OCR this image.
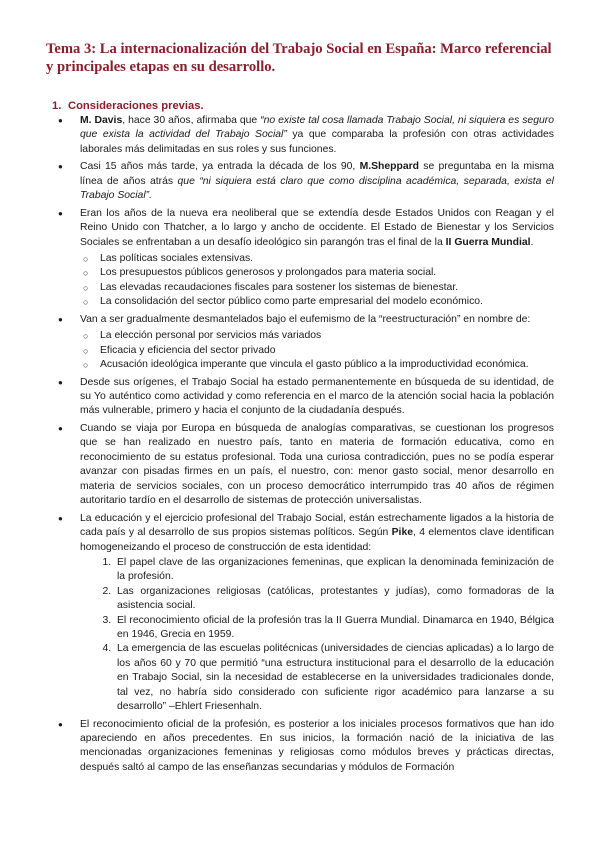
Tema 3: La internacionalización del Trabajo Social en España: Marco referencial y principales etapas en su desarrollo.
1. Consideraciones previas.
● M. Davis, hace 30 años, afirmaba que “no existe tal cosa llamada Trabajo Social, ni siquiera es seguro que exista la actividad del Trabajo Social” ya que comparaba la profesión con otras actividades laborales más delimitadas en sus roles y sus funciones.
● Casi 15 años más tarde, ya entrada la década de los 90, M.Sheppard se preguntaba en la misma línea de años atrás que “ni siquiera está claro que como disciplina académica, separada, exista el Trabajo Social”.
● Eran los años de la nueva era neoliberal que se extendía desde Estados Unidos con Reagan y el Reino Unido con Thatcher, a lo largo y ancho de occidente. El Estado de Bienestar y los Servicios Sociales se enfrentaban a un desafío ideológico sin parangón tras el final de la II Guerra Mundial.
○ Las políticas sociales extensivas.
○ Los presupuestos públicos generosos y prolongados para materia social.
○ Las elevadas recaudaciones fiscales para sostener los sistemas de bienestar.
○ La consolidación del sector público como parte empresarial del modelo económico.
● Van a ser gradualmente desmantelados bajo el eufemismo de la “reestructuración” en nombre de:
○ La elección personal por servicios más variados
○ Eficacia y eficiencia del sector privado
○ Acusación ideológica imperante que vincula el gasto público a la improductividad económica.
● Desde sus orígenes, el Trabajo Social ha estado permanentemente en búsqueda de su identidad, de su Yo auténtico como actividad y como referencia en el marco de la atención social hacia la población más vulnerable, primero y hacia el conjunto de la ciudadanía después.
● Cuando se viaja por Europa en búsqueda de analogías comparativas, se cuestionan los progresos que se han realizado en nuestro país, tanto en materia de formación educativa, como en reconocimiento de su estatus profesional. Toda una curiosa contradicción, pues no se podía esperar avanzar con pisadas firmes en un país, el nuestro, con: menor gasto social, menor desarrollo en materia de servicios sociales, con un proceso democrático interrumpido tras 40 años de régimen autoritario tardío en el desarrollo de sistemas de protección universalistas.
● La educación y el ejercicio profesional del Trabajo Social, están estrechamente ligados a la historia de cada país y al desarrollo de sus propios sistemas políticos. Según Pike, 4 elementos clave identifican homogeneizando el proceso de construcción de esta identidad:
1. El papel clave de las organizaciones femeninas, que explican la denominada feminización de la profesión.
2. Las organizaciones religiosas (católicas, protestantes y judías), como formadoras de la asistencia social.
3. El reconocimiento oficial de la profesión tras la II Guerra Mundial. Dinamarca en 1940, Bélgica en 1946, Grecia en 1959.
4. La emergencia de las escuelas politécnicas (universidades de ciencias aplicadas) a lo largo de los años 60 y 70 que permitió “una estructura institucional para el desarrollo de la educación en Trabajo Social, sin la necesidad de establecerse en la universidades tradicionales donde, tal vez, no habría sido considerado con suficiente rigor académico para lanzarse a su desarrollo” –Ehlert Friesenhaln.
● El reconocimiento oficial de la profesión, es posterior a los iniciales procesos formativos que han ido apareciendo en años precedentes. En sus inicios, la formación nació de la iniciativa de las mencionadas organizaciones femeninas y religiosas como módulos breves y prácticas directas, después saltó al campo de las enseñanzas secundarias y módulos de Formación
